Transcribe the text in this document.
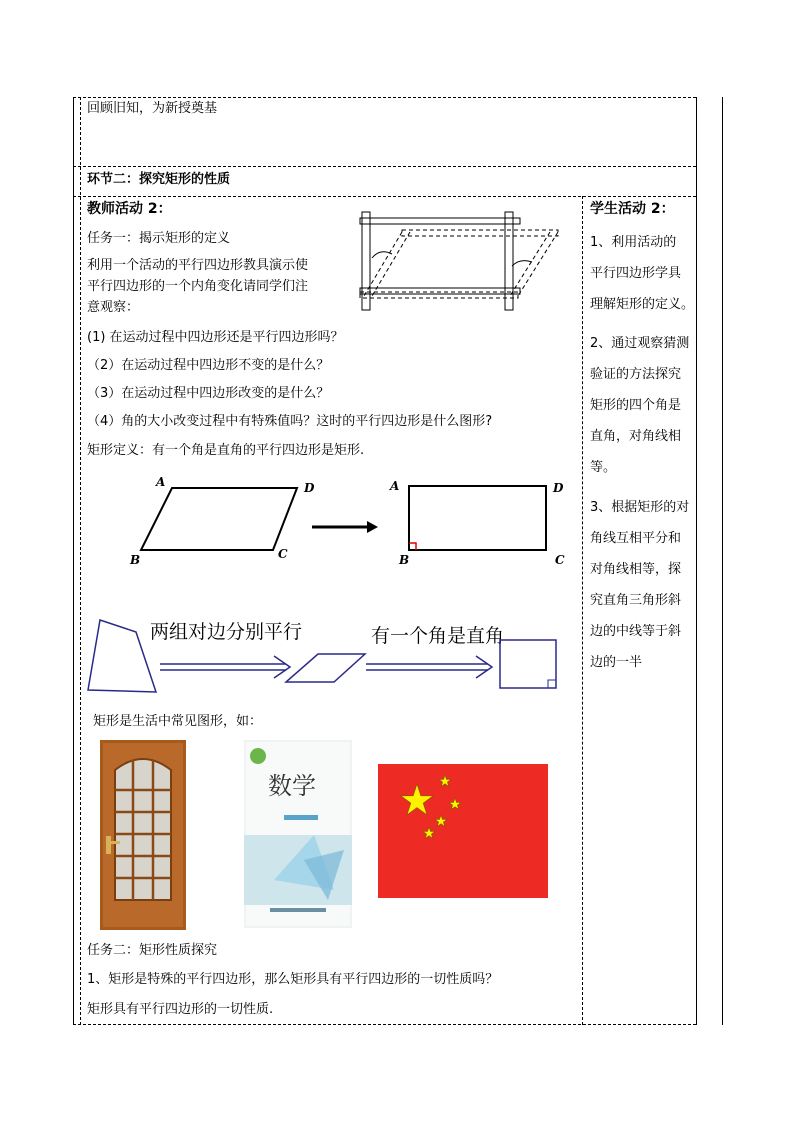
回顾旧知，为新授奠基
环节二：探究矩形的性质
教师活动 2：
任务一：揭示矩形的定义
利用一个活动的平行四边形教具演示使
平行四边形的一个内角变化请同学们注
意观察：
(1) 在运动过程中四边形还是平行四边形吗？
（2）在运动过程中四边形不变的是什么？
（3）在运动过程中四边形改变的是什么？
（4）角的大小改变过程中有特殊值吗？这时的平行四边形是什么图形?
矩形定义：有一个角是直角的平行四边形是矩形.
A	D
B	C
A	D
B	C
两组对边分别平行	有一个角是直角
矩形是生活中常见图形，如：
数学
任务二：矩形性质探究
1、矩形是特殊的平行四边形，那么矩形具有平行四边形的一切性质吗？
矩形具有平行四边形的一切性质.
学生活动 2：
1、利用活动的
平行四边形学具
理解矩形的定义。
2、通过观察猜测
验证的方法探究
矩形的四个角是
直角，对角线相
等。
3、根据矩形的对
角线互相平分和
对角线相等，探
究直角三角形斜
边的中线等于斜
边的一半
